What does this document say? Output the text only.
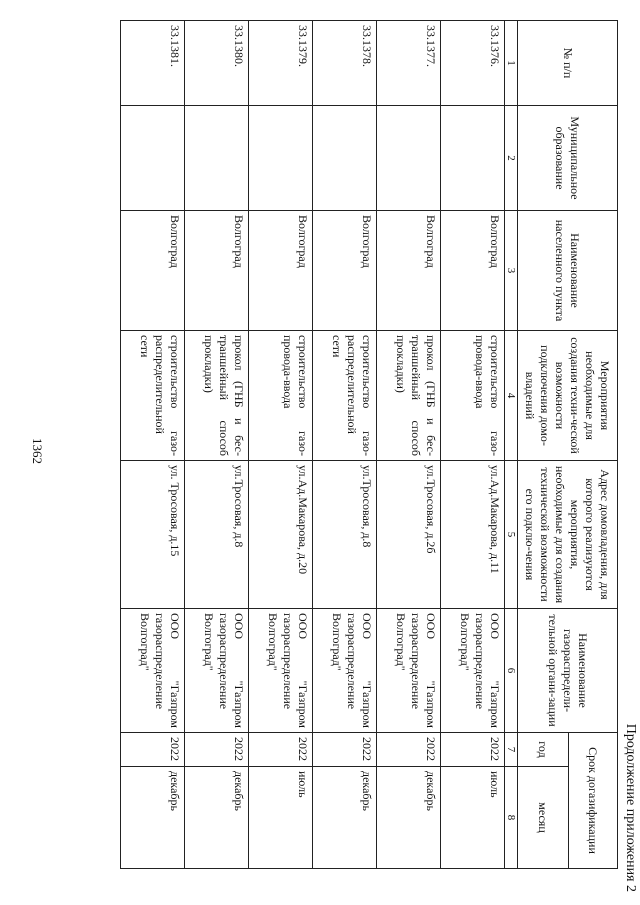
1362
Продолжение приложения 2
№ п/п	Муниципальное образование	Наименование населенного пункта	Мероприятия необходимые для создания техни-ческой возможности подключения домо-владений	Адрес домовладения, для которого реализуются мероприятия, необходимые для создания технической возможности его подклю-чения	Наименование газораспредели-тельной органи-зации	Срок догазификации	
						год	месяц
1	2	3	4	5	6	7	8
33.1376.		Волгоград	строительство газо-провода-ввода	ул.Ад.Макарова, д.11	ООО "Газпром газораспределение Волгоград"	2022	июль
33.1377.		Волгоград	прокол (ГНБ и бес-траншейный способ прокладки)	ул.Тросовая, д.2б	ООО "Газпром газораспределение Волгоград"	2022	декабрь
33.1378.		Волгоград	строительство газо-распределительной сети	ул.Тросовая, д.8	ООО "Газпром газораспределение Волгоград"	2022	декабрь
33.1379.		Волгоград	строительство газо-провода-ввода	ул.Ад.Макарова, д.20	ООО "Газпром газораспределение Волгоград"	2022	июль
33.1380.		Волгоград	прокол (ГНБ и бес-траншейный способ прокладки)	ул.Тросовая, д.8	ООО "Газпром газораспределение Волгоград"	2022	декабрь
33.1381.		Волгоград	строительство газо-распределительной сети	ул. Тросовая, д.15	ООО "Газпром газораспределение Волгоград"	2022	декабрь
